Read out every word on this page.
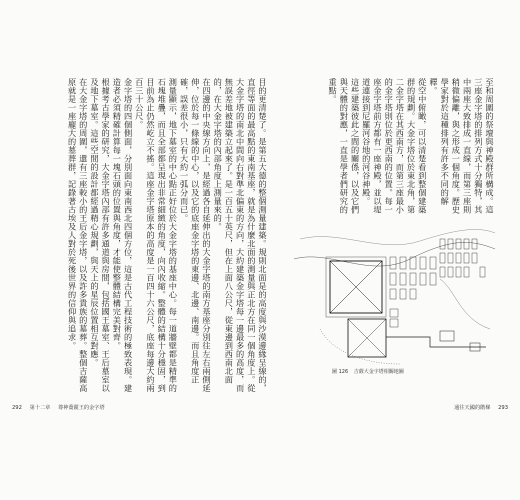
目的更清楚了。是第五大德的整個測量建築。規則北面是的高度與沙漠邊緣呈線的，直徑等面的最高點的東南基座，就是為什麼北面的測量與正北方在同一個角度上。從大金字塔的南北中間向右對準北偏東的方向，大約建築金字塔每一邊最多的高度，而無誤差地被建築立起來了。是一百五十英尺，但在上面八公尺，從東邊到西南北面的，在大金字塔的內部角度上測量來的。
在四邊的中央線方向上，是經過各自延伸出的大金字塔的南方基座分別往左右兩側延伸，位於每一條線的中心，以及它的底座金字塔的東邊、北邊、南邊。而且角度正確，誤差很小，只有大約一弧分而已。
測量顯示，地下墓室的中心點正好位於大金字塔的基座中心。每一道牆壁都是精準的石塊堆疊，而且全部都呈現出非常細緻的角度，向內收縮。整體的結構十分穩固，到目前為止仍然屹立不搖。這座金字塔原本的高度是一百四十六公尺，底座每邊大約兩百三十公尺。
金字塔的四個側面，分別面向東南西北四個方位，這是古代工程技術的極致表現。建造者必須精確計算每一塊石頭的位置與角度，才能使整體結構完美對齊。
根據考古學家的研究，大金字塔內部有許多通道與房間，包括國王墓室、王后墓室以及地下墓室。這些空間的設計都經過精心規劃，與天上的星辰位置相互對應。
在大金字塔的周圍，還有三座較小的王后金字塔，以及許多貴族的墓葬。整個吉薩高原就是一座龐大的墓葬群，記錄著古埃及人對於死後世界的信仰與追求。
292 第十二章 尊神喬麗王的金字塔
至和周圍的祭壇與神殿群所構成。這三座金字塔的排列方式十分獨特，其中兩座大致排成一直線，而第三座則稍微偏離，與之形成一個角度。歷史學家對於這種排列有許多不同的解釋。
從空中俯瞰，可以清楚看到整個建築群的規劃。大金字塔位於東北角，第二金字塔在其西南方，而第三座最小的金字塔則位於更西南的位置。每一座金字塔前方都有一座神殿，並以堤道連接到尼羅河谷地的河谷神殿。
這些建築彼此之間的關係，以及它們與天體的對應，一直是學者們研究的重點。
圖 126 吉薩大金字塔相關地圖
通往天國的階梯 293
